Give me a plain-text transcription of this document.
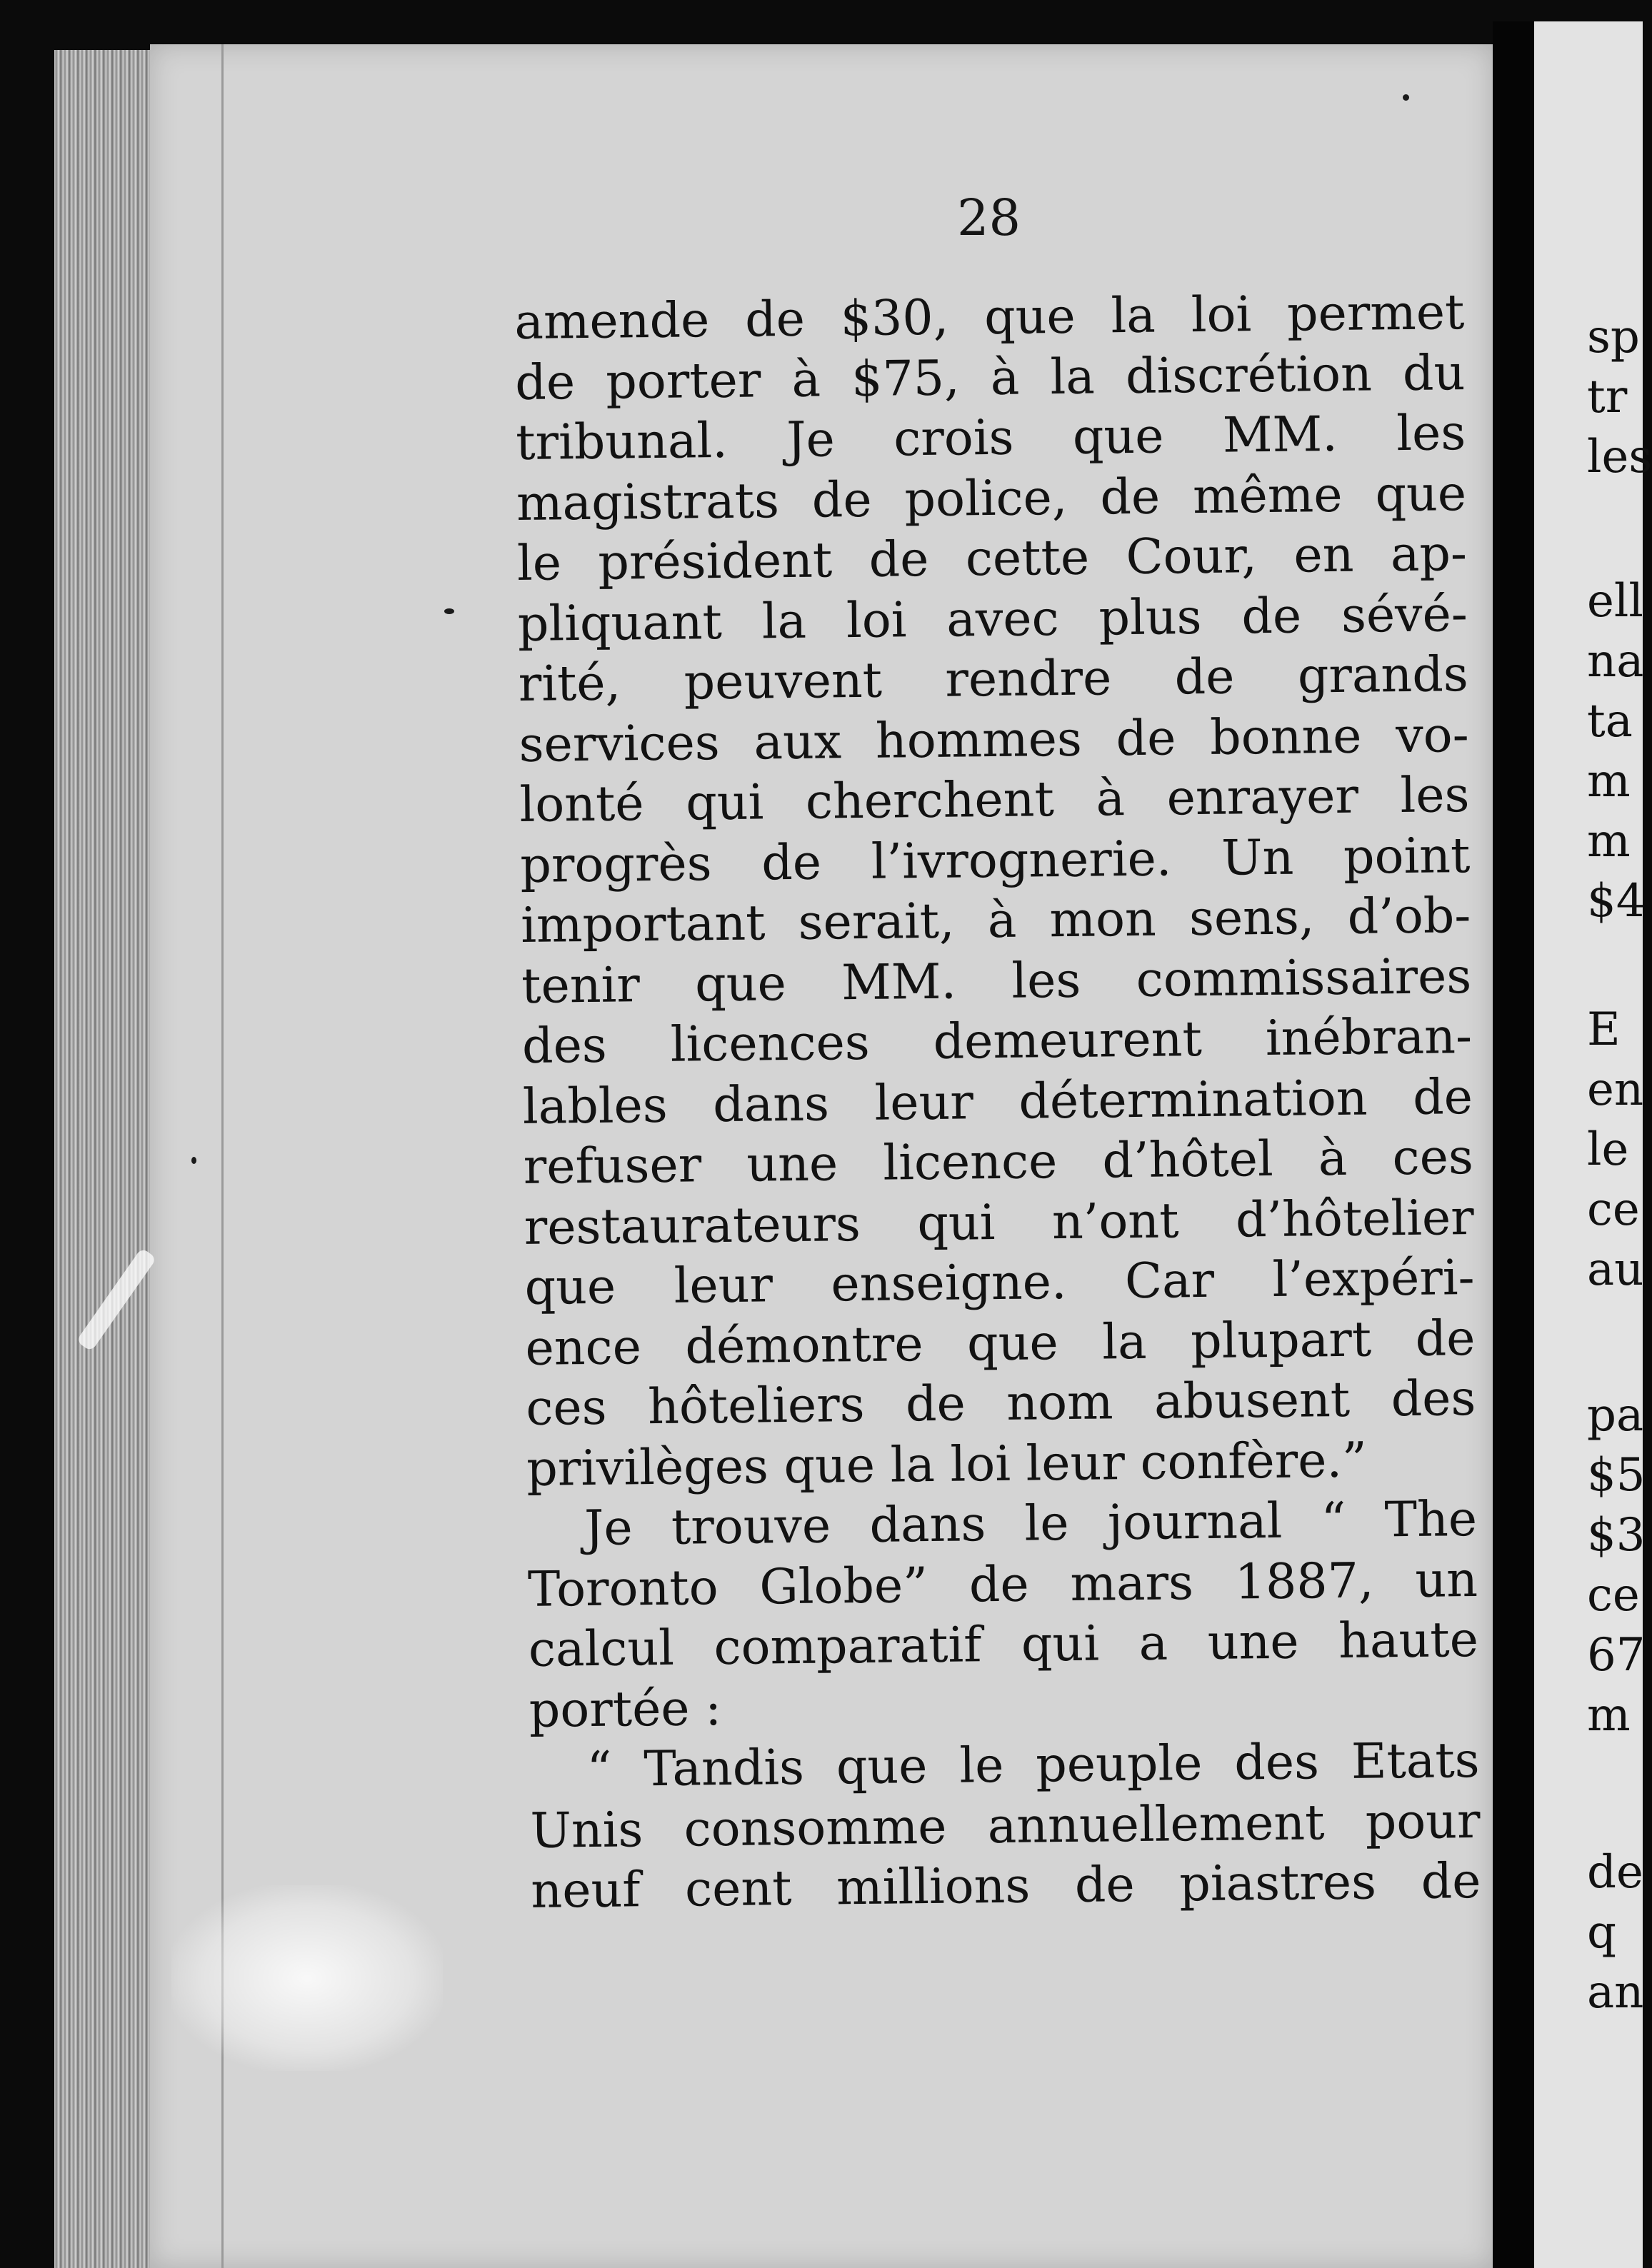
28
amende de $30, que la loi permet
de porter à $75, à la discrétion du
tribunal. Je crois que MM. les
magistrats de police, de même que
le président de cette Cour, en ap-
pliquant la loi avec plus de sévé-
rité, peuvent rendre de grands
services aux hommes de bonne vo-
lonté qui cherchent à enrayer les
progrès de l’ivrognerie. Un point
important serait, à mon sens, d’ob-
tenir que MM. les commissaires
des licences demeurent inébran-
lables dans leur détermination de
refuser une licence d’hôtel à ces
restaurateurs qui n’ont d’hôtelier
que leur enseigne. Car l’expéri-
ence démontre que la plupart de
ces hôteliers de nom abusent des
privilèges que la loi leur confère.”
Je trouve dans le journal “ The
Toronto Globe” de mars 1887, un
calcul comparatif qui a une haute
portée :
“ Tandis que le peuple des Etats
Unis consomme annuellement pour
neuf cent millions de piastres de
sp
tr
les
ell
na
ta
m
m
$4
E
en
le
ce
au
pa
$5
$3
ce
67
m
de
q
an
